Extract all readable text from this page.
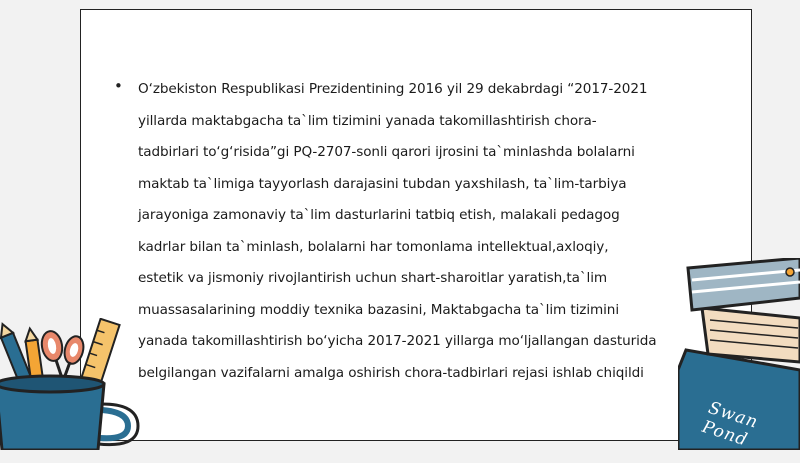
• O‘zbekiston Respublikasi Prezidentining 2016 yil 29 dekabrdagi “2017-2021
yillarda maktabgacha ta`lim tizimini yanada takomillashtirish chora-
tadbirlari to‘g‘risida”gi PQ-2707-sonli qarori ijrosini ta`minlashda bolalarni
maktab ta`limiga tayyorlash darajasini tubdan yaxshilash, ta`lim-tarbiya
jarayoniga zamonaviy ta`lim dasturlarini tatbiq etish, malakali pedagog
kadrlar bilan ta`minlash, bolalarni har tomonlama intellektual,axloqiy,
estetik va jismoniy rivojlantirish uchun shart-sharoitlar yaratish,ta`lim
muassasalarining moddiy texnika bazasini, Maktabgacha ta`lim tizimini
yanada takomillashtirish bo‘yicha 2017-2021 yillarga mo‘ljallangan dasturida
belgilangan vazifalarni amalga oshirish chora-tadbirlari rejasi ishlab chiqildi

Swan Pond
